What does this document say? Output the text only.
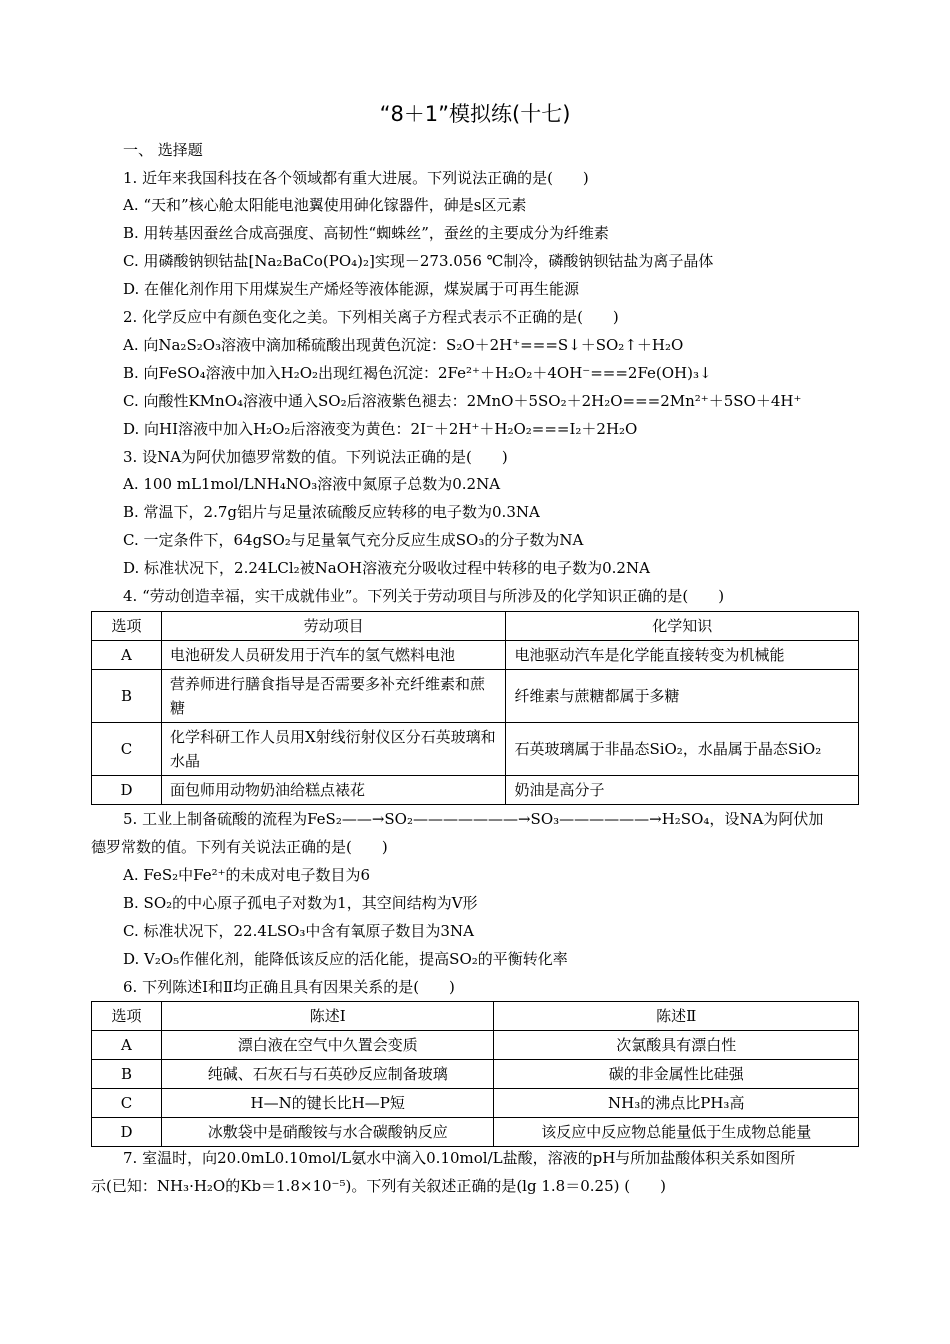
“8＋1”模拟练(十七)
一、 选择题
1. 近年来我国科技在各个领域都有重大进展。下列说法正确的是(　　)
A. “天和”核心舱太阳能电池翼使用砷化镓器件，砷是s区元素
B. 用转基因蚕丝合成高强度、高韧性“蜘蛛丝”，蚕丝的主要成分为纤维素
C. 用磷酸钠钡钴盐[Na₂BaCo(PO₄)₂]实现－273.056 ℃制冷，磷酸钠钡钴盐为离子晶体
D. 在催化剂作用下用煤炭生产烯烃等液体能源，煤炭属于可再生能源
2. 化学反应中有颜色变化之美。下列相关离子方程式表示不正确的是(　　)
A. 向Na₂S₂O₃溶液中滴加稀硫酸出现黄色沉淀：S₂O＋2H⁺===S↓＋SO₂↑＋H₂O
B. 向FeSO₄溶液中加入H₂O₂出现红褐色沉淀：2Fe²⁺＋H₂O₂＋4OH⁻===2Fe(OH)₃↓
C. 向酸性KMnO₄溶液中通入SO₂后溶液紫色褪去：2MnO＋5SO₂＋2H₂O===2Mn²⁺＋5SO＋4H⁺
D. 向HI溶液中加入H₂O₂后溶液变为黄色：2I⁻＋2H⁺＋H₂O₂===I₂＋2H₂O
3. 设NA为阿伏加德罗常数的值。下列说法正确的是(　　)
A. 100 mL1mol/LNH₄NO₃溶液中氮原子总数为0.2NA
B. 常温下，2.7g铝片与足量浓硫酸反应转移的电子数为0.3NA
C. 一定条件下，64gSO₂与足量氧气充分反应生成SO₃的分子数为NA
D. 标准状况下，2.24LCl₂被NaOH溶液充分吸收过程中转移的电子数为0.2NA
4. “劳动创造幸福，实干成就伟业”。下列关于劳动项目与所涉及的化学知识正确的是(　　)
选项	劳动项目	化学知识
A	电池研发人员研发用于汽车的氢气燃料电池	电池驱动汽车是化学能直接转变为机械能
B	营养师进行膳食指导是否需要多补充纤维素和蔗糖	纤维素与蔗糖都属于多糖
C	化学科研工作人员用X射线衍射仪区分石英玻璃和水晶	石英玻璃属于非晶态SiO₂，水晶属于晶态SiO₂
D	面包师用动物奶油给糕点裱花	奶油是高分子
5. 工业上制备硫酸的流程为FeS₂——→SO₂———————→SO₃——————→H₂SO₄，设NA为阿伏加
德罗常数的值。下列有关说法正确的是(　　)
A. FeS₂中Fe²⁺的未成对电子数目为6
B. SO₂的中心原子孤电子对数为1，其空间结构为V形
C. 标准状况下，22.4LSO₃中含有氧原子数目为3NA
D. V₂O₅作催化剂，能降低该反应的活化能，提高SO₂的平衡转化率
6. 下列陈述Ⅰ和Ⅱ均正确且具有因果关系的是(　　)
选项	陈述Ⅰ	陈述Ⅱ
A	漂白液在空气中久置会变质	次氯酸具有漂白性
B	纯碱、石灰石与石英砂反应制备玻璃	碳的非金属性比硅强
C	H—N的键长比H—P短	NH₃的沸点比PH₃高
D	冰敷袋中是硝酸铵与水合碳酸钠反应	该反应中反应物总能量低于生成物总能量
7. 室温时，向20.0mL0.10mol/L氨水中滴入0.10mol/L盐酸，溶液的pH与所加盐酸体积关系如图所
示(已知：NH₃·H₂O的Kb＝1.8×10⁻⁵)。下列有关叙述正确的是(lg 1.8＝0.25) (　　)
